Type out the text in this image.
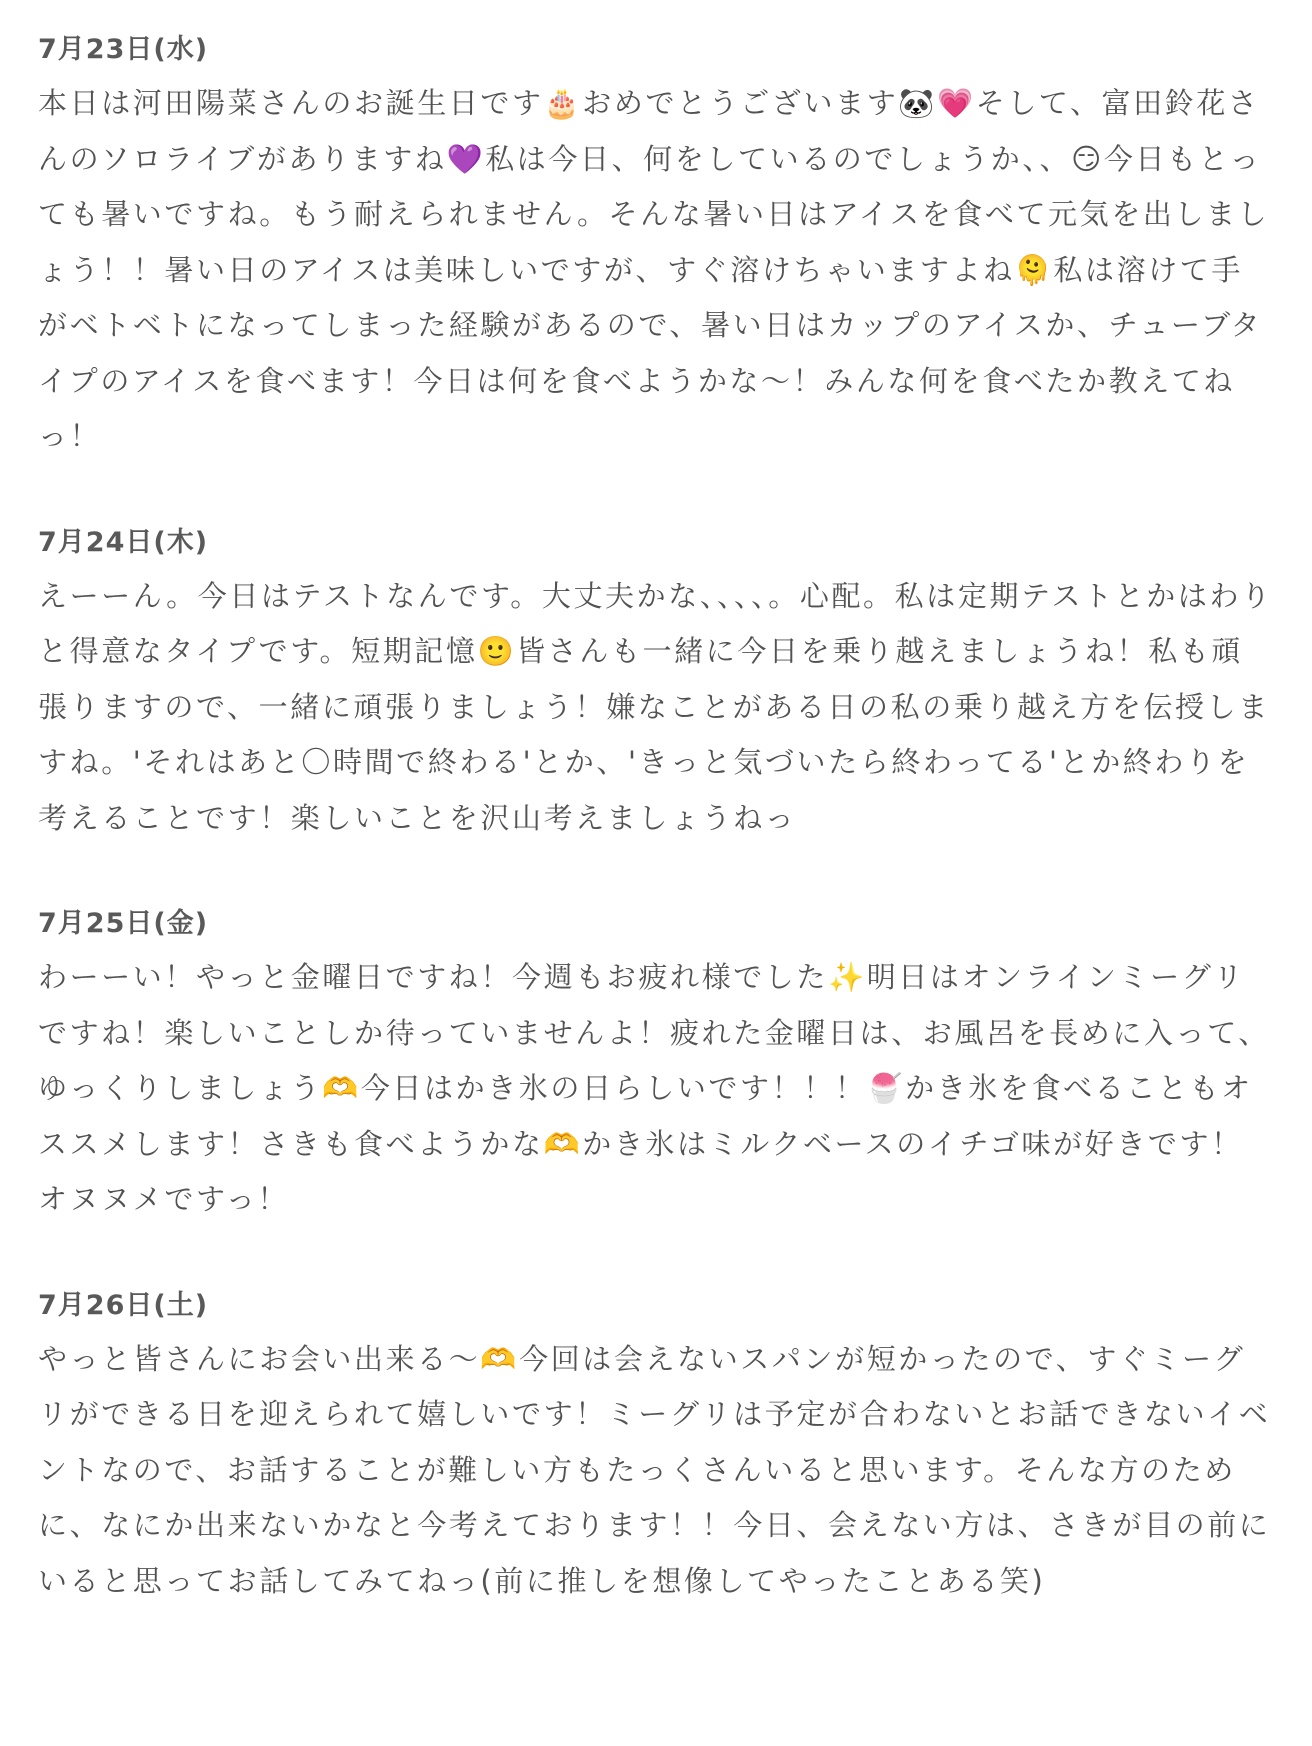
7月23日(水)

本日は河田陽菜さんのお誕生日です🎂おめでとうございます🐼💗そして、富田鈴花さんのソロライブがありますね💜私は今日、何をしているのでしょうか、、😏今日もとっても暑いですね。もう耐えられません。そんな暑い日はアイスを食べて元気を出しましょう！！暑い日のアイスは美味しいですが、すぐ溶けちゃいますよね🫠私は溶けて手がベトベトになってしまった経験があるので、暑い日はカップのアイスか、チューブタイプのアイスを食べます！今日は何を食べようかな〜！みんな何を食べたか教えてねっ！

7月24日(木)

えーーん。今日はテストなんです。大丈夫かな、、、、。心配。私は定期テストとかはわりと得意なタイプです。短期記憶🙂皆さんも一緒に今日を乗り越えましょうね！私も頑張りますので、一緒に頑張りましょう！嫌なことがある日の私の乗り越え方を伝授しますね。'それはあと〇時間で終わる'とか、'きっと気づいたら終わってる'とか終わりを考えることです！楽しいことを沢山考えましょうねっ

7月25日(金)

わーーい！やっと金曜日ですね！今週もお疲れ様でした✨明日はオンラインミーグリですね！楽しいことしか待っていませんよ！疲れた金曜日は、お風呂を長めに入って、ゆっくりしましょう🫶今日はかき氷の日らしいです！！！🍧かき氷を食べることもオススメします！さきも食べようかな🫶かき氷はミルクベースのイチゴ味が好きです！オヌヌメですっ！

7月26日(土)

やっと皆さんにお会い出来る〜🫶今回は会えないスパンが短かったので、すぐミーグリができる日を迎えられて嬉しいです！ミーグリは予定が合わないとお話できないイベントなので、お話することが難しい方もたっくさんいると思います。そんな方のために、なにか出来ないかなと今考えております！！今日、会えない方は、さきが目の前にいると思ってお話してみてねっ(前に推しを想像してやったことある笑)
